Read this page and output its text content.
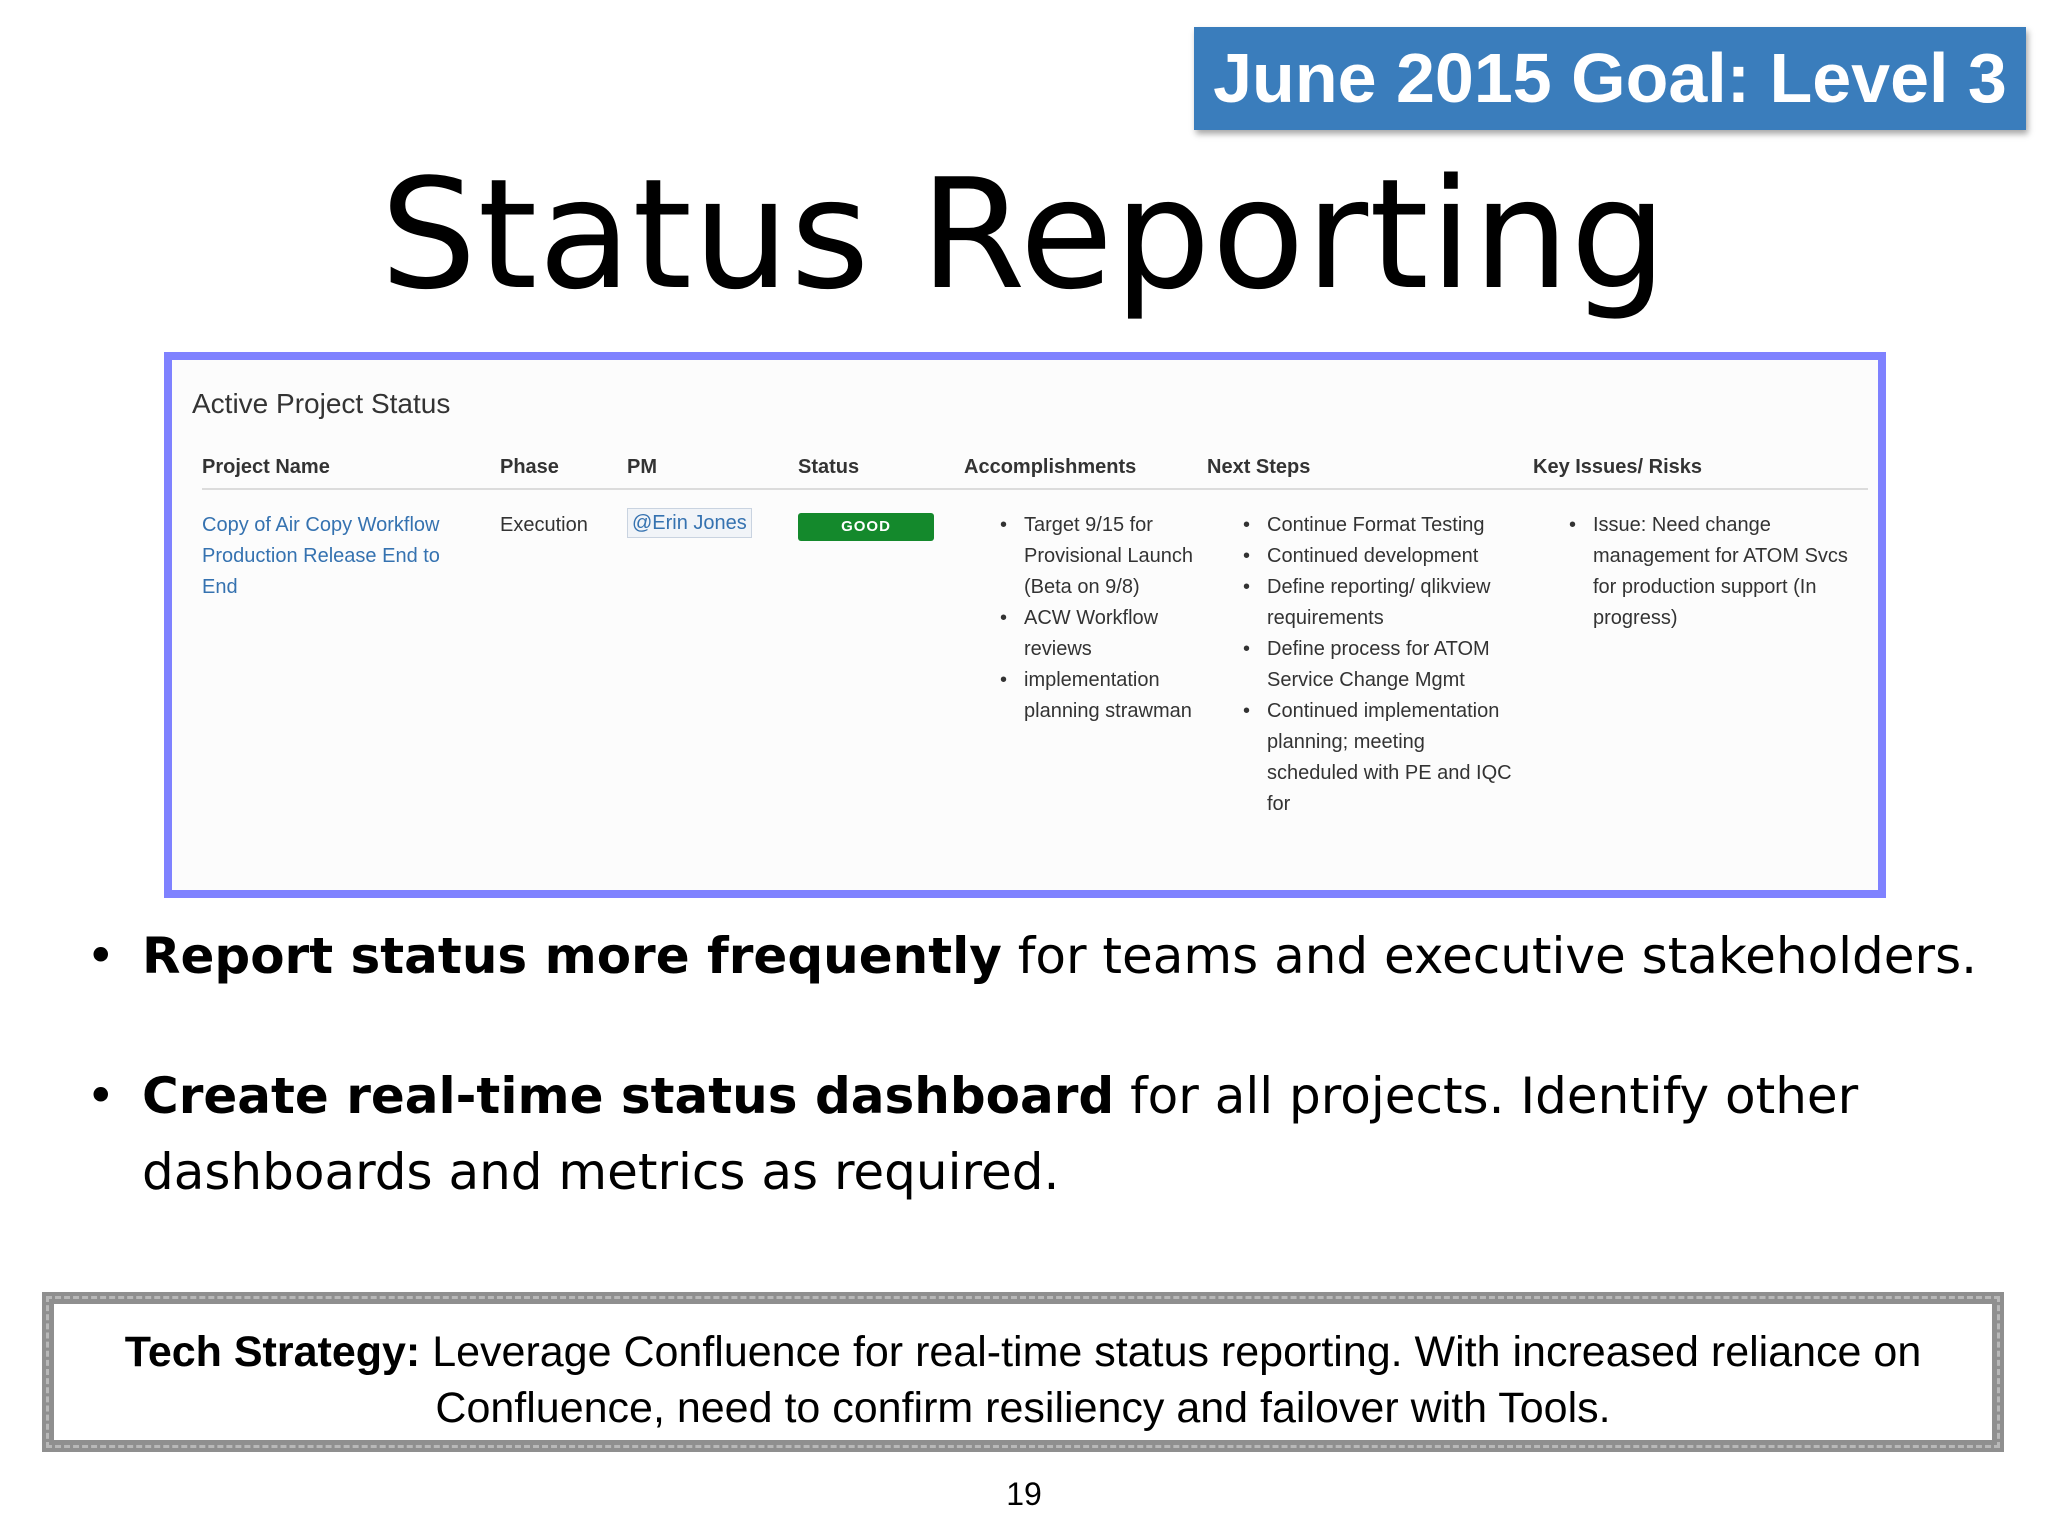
June 2015 Goal: Level 3
Status Reporting
Active Project Status
Project Name	Phase	PM	Status	Accomplishments	Next Steps	Key Issues/ Risks
Copy of Air Copy Workflow Production Release End to End
Execution @Erin Jones	GOOD
•	Target 9/15 for Provisional Launch (Beta on 9/8)
• ACW Workflow reviews
• implementation planning strawman
• Continue Format Testing
• Continued development
• Define reporting/ qlikview requirements
• Define process for ATOM Service Change Mgmt
• Continued implementation planning; meeting scheduled with PE and IQC for
• Issue: Need change management for ATOM Svcs for production support (In progress)
• Report status more frequently for teams and executive stakeholders.
• Create real-time status dashboard for all projects. Identify other dashboards and metrics as required.
Tech Strategy: Leverage Confluence for real-time status reporting. With increased reliance on Confluence, need to confirm resiliency and failover with Tools.
19
